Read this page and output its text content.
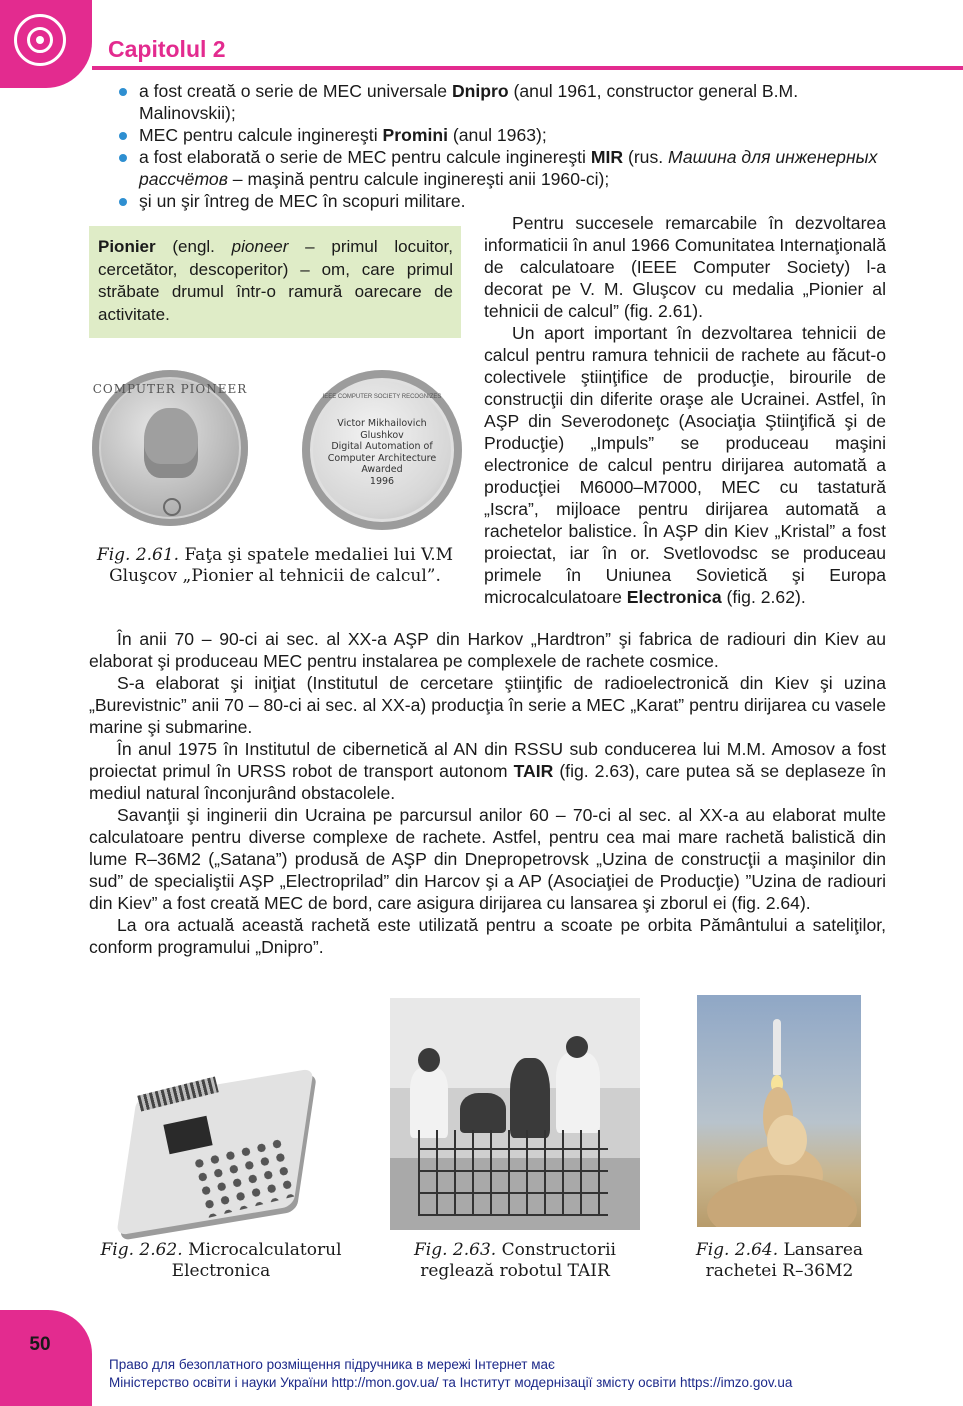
Capitolul 2
a fost creată o serie de MEC universale Dnipro (anul 1961, constructor general B.M. Malinovskii);
MEC pentru calcule inginereşti Promini (anul 1963);
a fost elaborată o serie de MEC pentru calcule inginereşti MIR (rus. Машина для инженерных рассчётов – maşină pentru calcule inginereşti anii 1960-ci);
şi un şir întreg de MEC în scopuri militare.
Pionier (engl. pioneer – primul locuitor, cercetător, descoperitor) – om, care primul străbate drumul într-o ramură oarecare de activitate.
Pentru succesele remarcabile în dezvoltarea informaticii în anul 1966 Comunitatea Internaţională de calculatoare (IEEE Computer Society) l-a decorat pe V. M. Gluşcov cu medalia „Pionier al tehnicii de calcul” (fig. 2.61).
Un aport important în dezvoltarea tehnicii de calcul pentru ramura tehnicii de rachete au făcut-o colectivele ştiinţifice de producţie, birourile de construcţii din diferite oraşe ale Ucrainei. Astfel, în AŞP din Severodoneţc (Asociaţia Ştiinţifică şi de Producţie) „Impuls” se produceau maşini electronice de calcul pentru dirijarea automată a producţiei M6000–M7000, MEC cu tastatură „Iscra”, mijloace pentru dirijarea automată a rachetelor balistice. În AŞP din Kiev „Kristal” a fost proiectat, iar în or. Svetlovodsc se produceau primele în Uniunea Sovietică şi Europa microcalculatoare Electronica (fig. 2.62).
COMPUTER PIONEER
IEEE COMPUTER SOCIETY RECOGNIZES
Victor Mikhailovich Glushkov
Digital Automation of
Computer Architecture
Awarded
1996
Fig. 2.61. Faţa şi spatele medaliei lui V.M Gluşcov „Pionier al tehnicii de calcul”.
În anii 70 – 90-ci ai sec. al XX-a AŞP din Harkov „Hardtron” şi fabrica de radiouri din Kiev au elaborat şi produceau MEC pentru instalarea pe complexele de rachete cosmice.
S-a elaborat şi iniţiat (Institutul de cercetare ştiinţific de radioelectronică din Kiev şi uzina „Burevistnic” anii 70 – 80-ci ai sec. al XX-a) producţia în serie a MEC „Karat” pentru dirijarea cu vasele marine şi submarine.
În anul 1975 în Institutul de cibernetică al AN din RSSU sub conducerea lui M.M. Amosov a fost proiectat primul în URSS robot de transport autonom TAIR (fig. 2.63), care putea să se deplaseze în mediul natural înconjurând obstacolele.
Savanţii şi inginerii din Ucraina pe parcursul anilor 60 – 70-ci al sec. al XX-a au elaborat multe calculatoare pentru diverse complexe de rachete. Astfel, pentru cea mai mare rachetă balistică din lume R–36M2 („Satana”) produsă de AŞP din Dnepropetrovsk „Uzina de construcţii a maşinilor din sud” de specialiştii AŞP „Electroprilad” din Harcov şi a AP (Asociaţiei de Producţie) ”Uzina de radiouri din Kiev” a fost creată MEC de bord, care asigura dirijarea cu lansarea şi zborul ei (fig. 2.64).
La ora actuală această rachetă este utilizată pentru a scoate pe orbita Pământului a sateliţilor, conform programului „Dnipro”.
Fig. 2.62. Microcalculatorul Electronica
Fig. 2.63. Constructorii reglează robotul TAIR
Fig. 2.64. Lansarea rachetei R–36M2
50
Право для безоплатного розміщення підручника в мережі Інтернет має
Міністерство освіти і науки України http://mon.gov.ua/ та Інститут модернізації змісту освіти https://imzo.gov.ua
